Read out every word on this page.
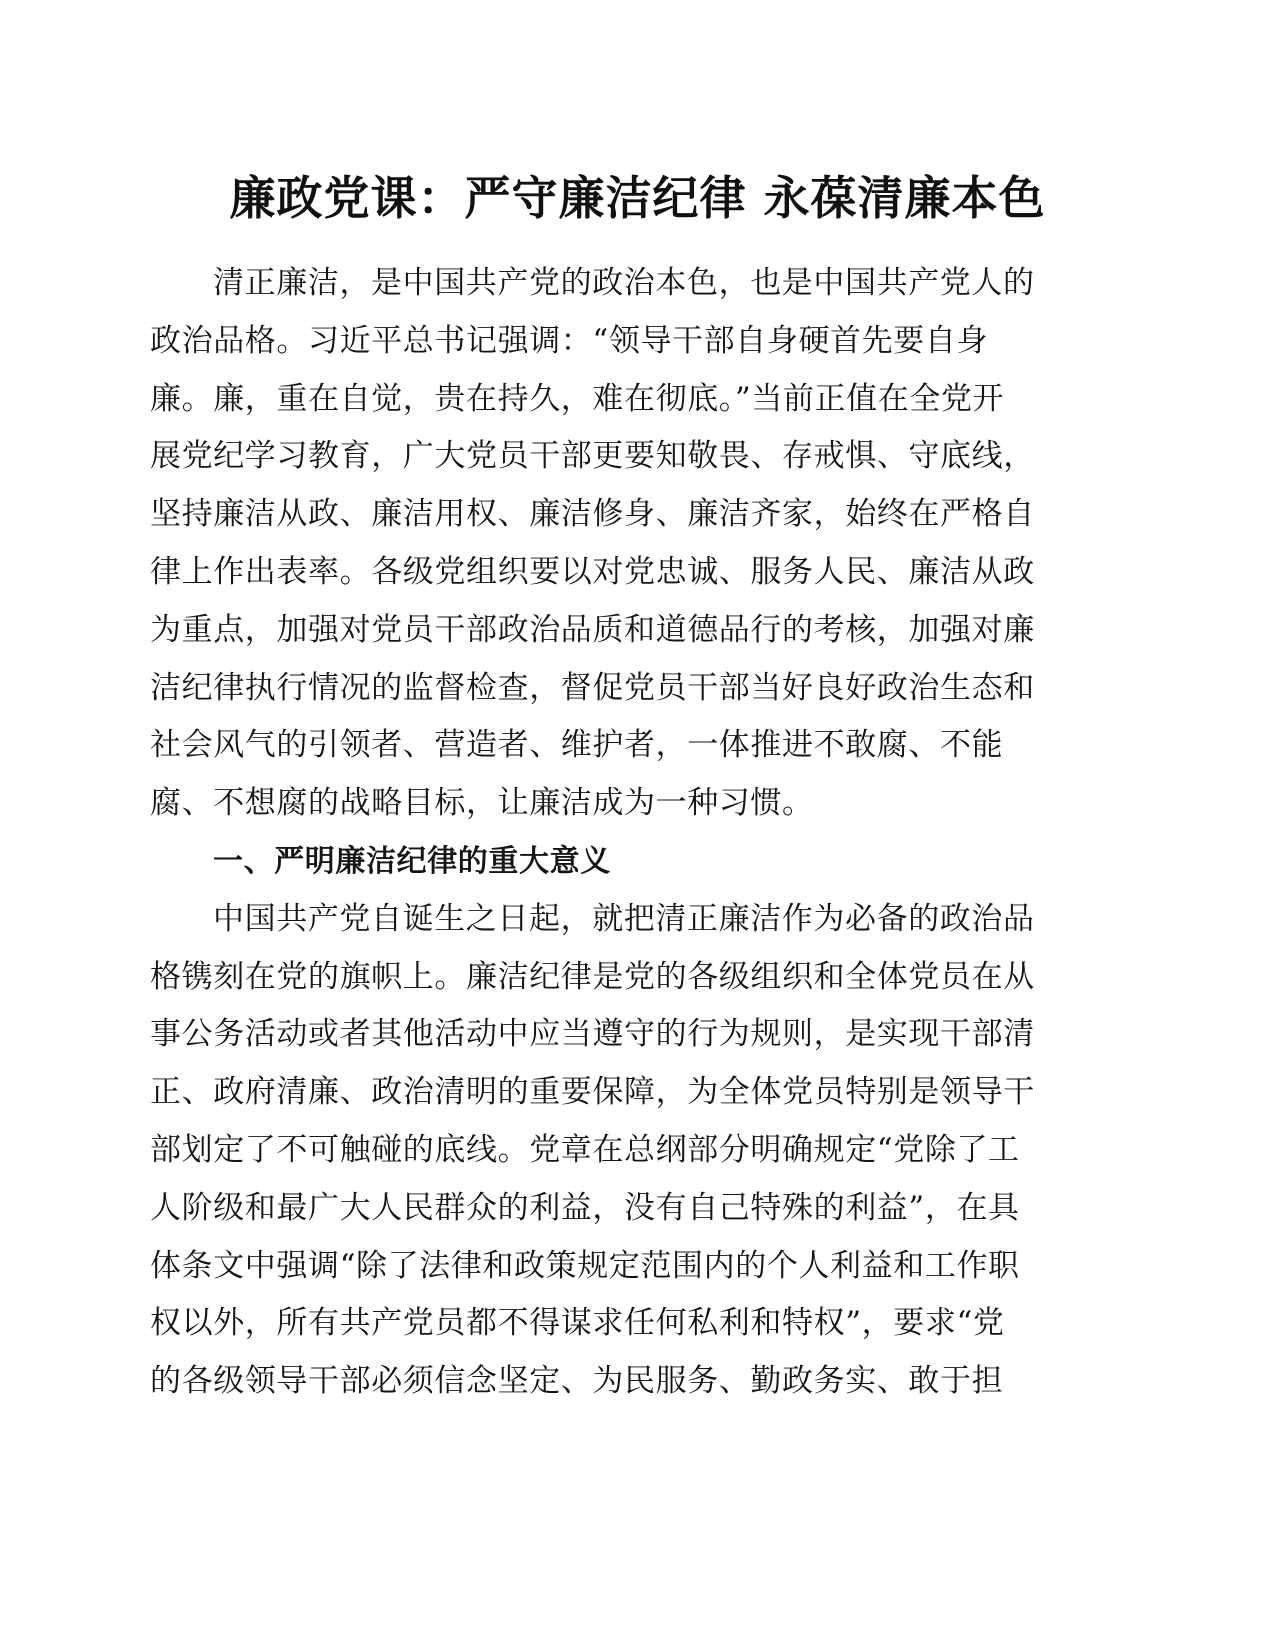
廉政党课：严守廉洁纪律 永葆清廉本色
清正廉洁，是中国共产党的政治本色，也是中国共产党人的
政治品格。习近平总书记强调：“领导干部自身硬首先要自身
廉。廉，重在自觉，贵在持久，难在彻底。”当前正值在全党开
展党纪学习教育，广大党员干部更要知敬畏、存戒惧、守底线，
坚持廉洁从政、廉洁用权、廉洁修身、廉洁齐家，始终在严格自
律上作出表率。各级党组织要以对党忠诚、服务人民、廉洁从政
为重点，加强对党员干部政治品质和道德品行的考核，加强对廉
洁纪律执行情况的监督检查，督促党员干部当好良好政治生态和
社会风气的引领者、营造者、维护者，一体推进不敢腐、不能
腐、不想腐的战略目标，让廉洁成为一种习惯。
一、严明廉洁纪律的重大意义
中国共产党自诞生之日起，就把清正廉洁作为必备的政治品
格镌刻在党的旗帜上。廉洁纪律是党的各级组织和全体党员在从
事公务活动或者其他活动中应当遵守的行为规则，是实现干部清
正、政府清廉、政治清明的重要保障，为全体党员特别是领导干
部划定了不可触碰的底线。党章在总纲部分明确规定“党除了工
人阶级和最广大人民群众的利益，没有自己特殊的利益”，在具
体条文中强调“除了法律和政策规定范围内的个人利益和工作职
权以外，所有共产党员都不得谋求任何私利和特权”，要求“党
的各级领导干部必须信念坚定、为民服务、勤政务实、敢于担
